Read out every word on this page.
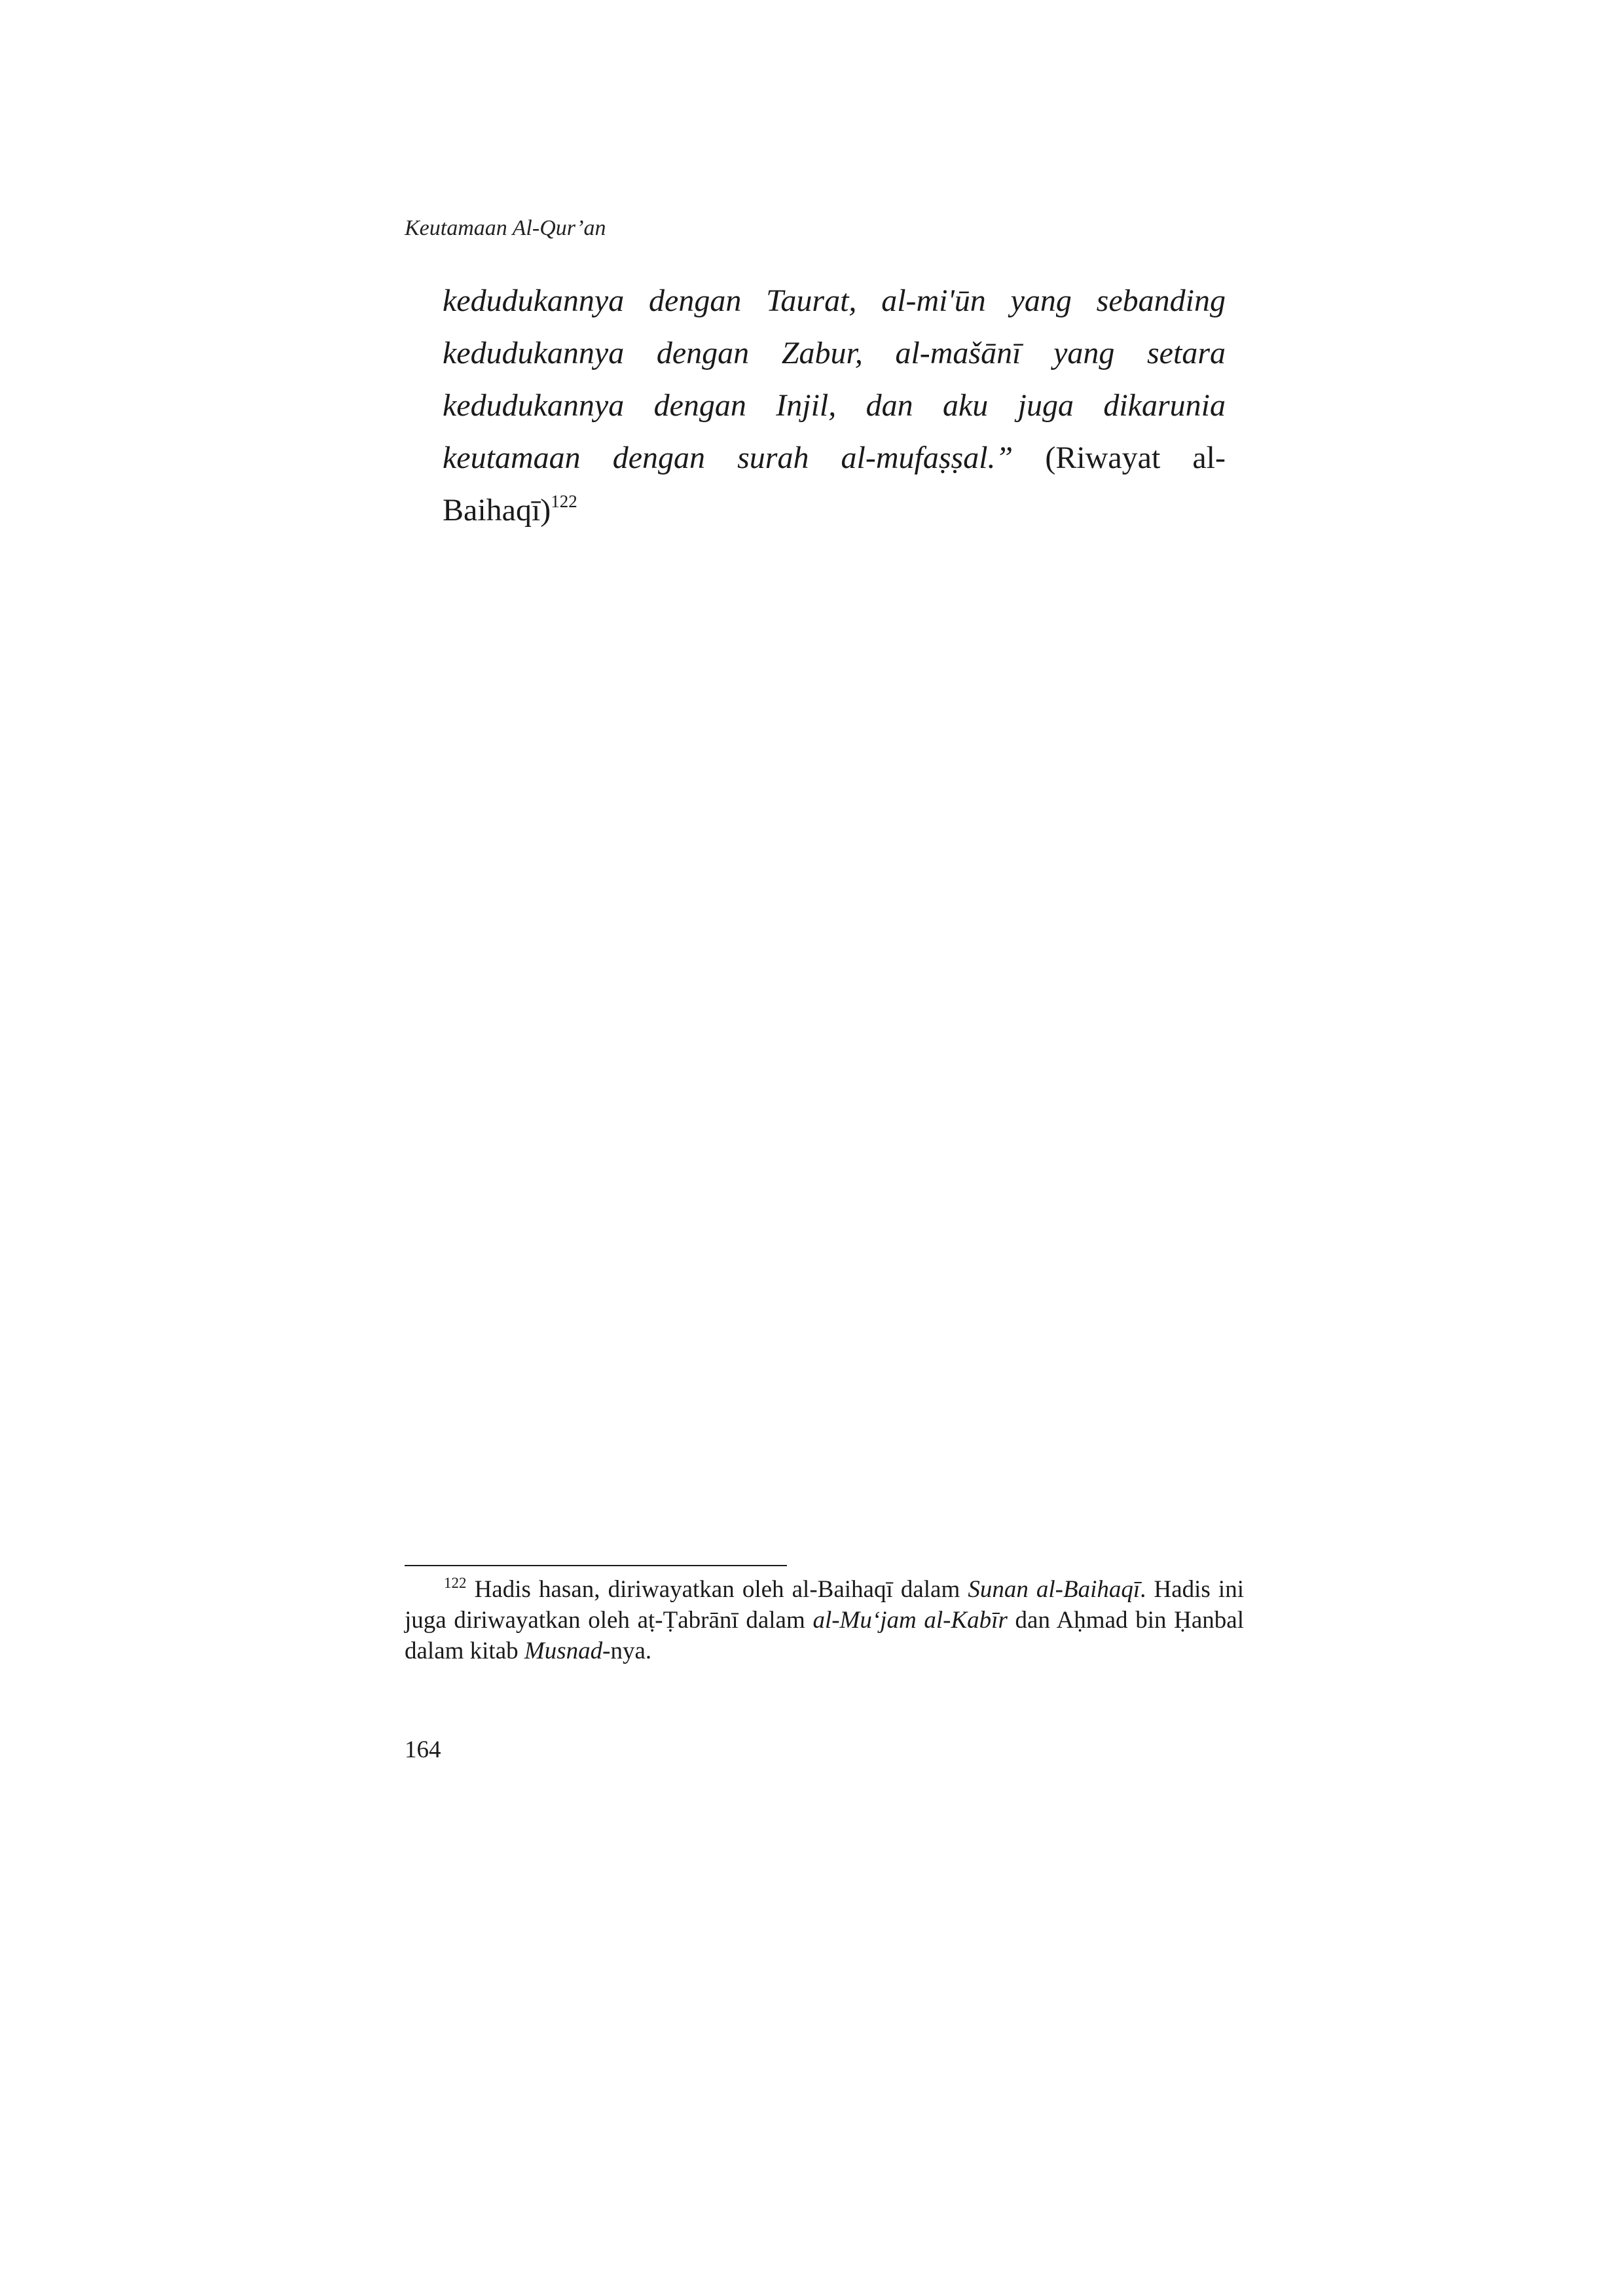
Keutamaan Al-Qur’an
kedudukannya dengan Taurat, al-mi'ūn yang sebanding kedudukannya dengan Zabur, al-mašānī yang setara kedudukannya dengan Injil, dan aku juga dikarunia keutamaan dengan surah al-mufaṣṣal.” (Riwayat al-Baihaqī)$^{122}$
$^{122}$ Hadis hasan, diriwayatkan oleh al-Baihaqī dalam Sunan al-Baihaqī. Hadis ini juga diriwayatkan oleh aṭ-Ṭabrānī dalam al-Mu‘jam al-Kabīr dan Aḥmad bin Ḥanbal dalam kitab Musnad-nya.
164
